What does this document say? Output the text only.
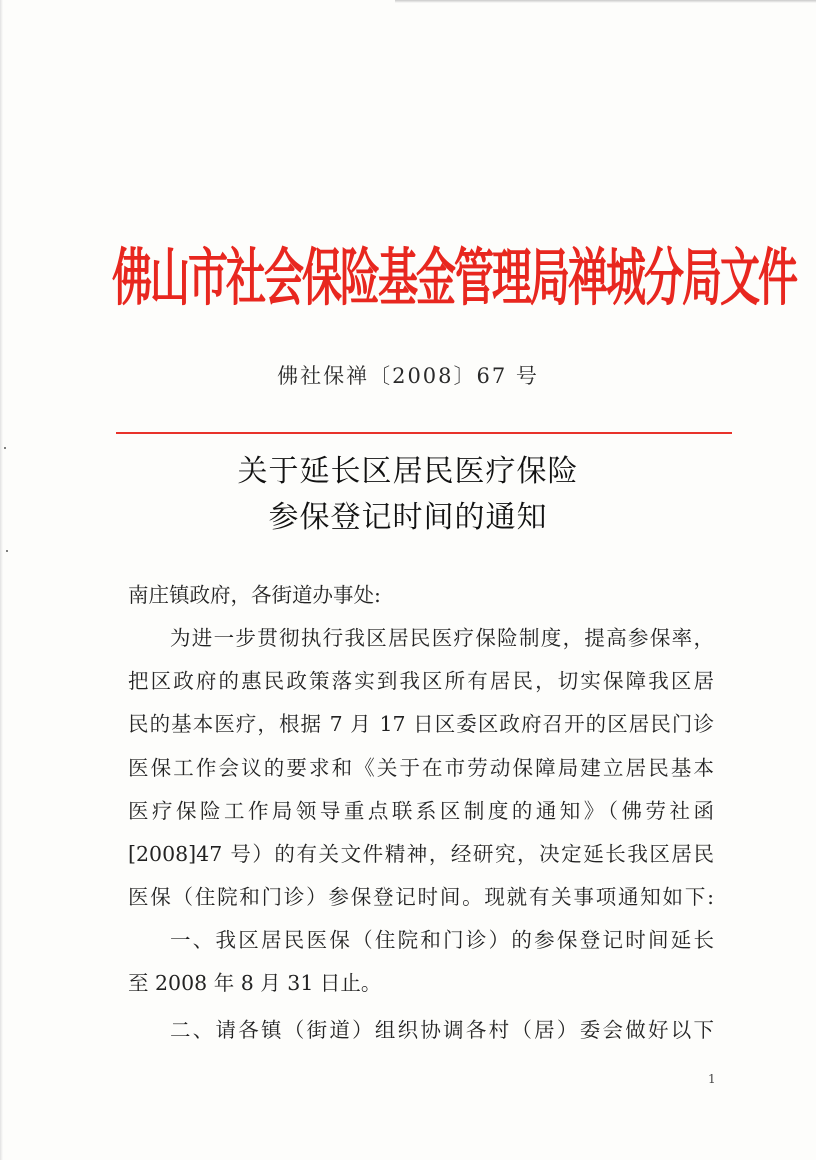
佛山市社会保险基金管理局禅城分局文件
佛社保禅〔2008〕67 号
关于延长区居民医疗保险
参保登记时间的通知
南庄镇政府，各街道办事处:
为进一步贯彻执行我区居民医疗保险制度，提高参保率，
把区政府的惠民政策落实到我区所有居民，切实保障我区居
民的基本医疗，根据 7 月 17 日区委区政府召开的区居民门诊
医保工作会议的要求和《关于在市劳动保障局建立居民基本
医疗保险工作局领导重点联系区制度的通知》（佛劳社函
[2008]47 号）的有关文件精神，经研究，决定延长我区居民
医保（住院和门诊）参保登记时间。现就有关事项通知如下:
一、我区居民医保（住院和门诊）的参保登记时间延长
至 2008 年 8 月 31 日止。
二、请各镇（街道）组织协调各村（居）委会做好以下
1
